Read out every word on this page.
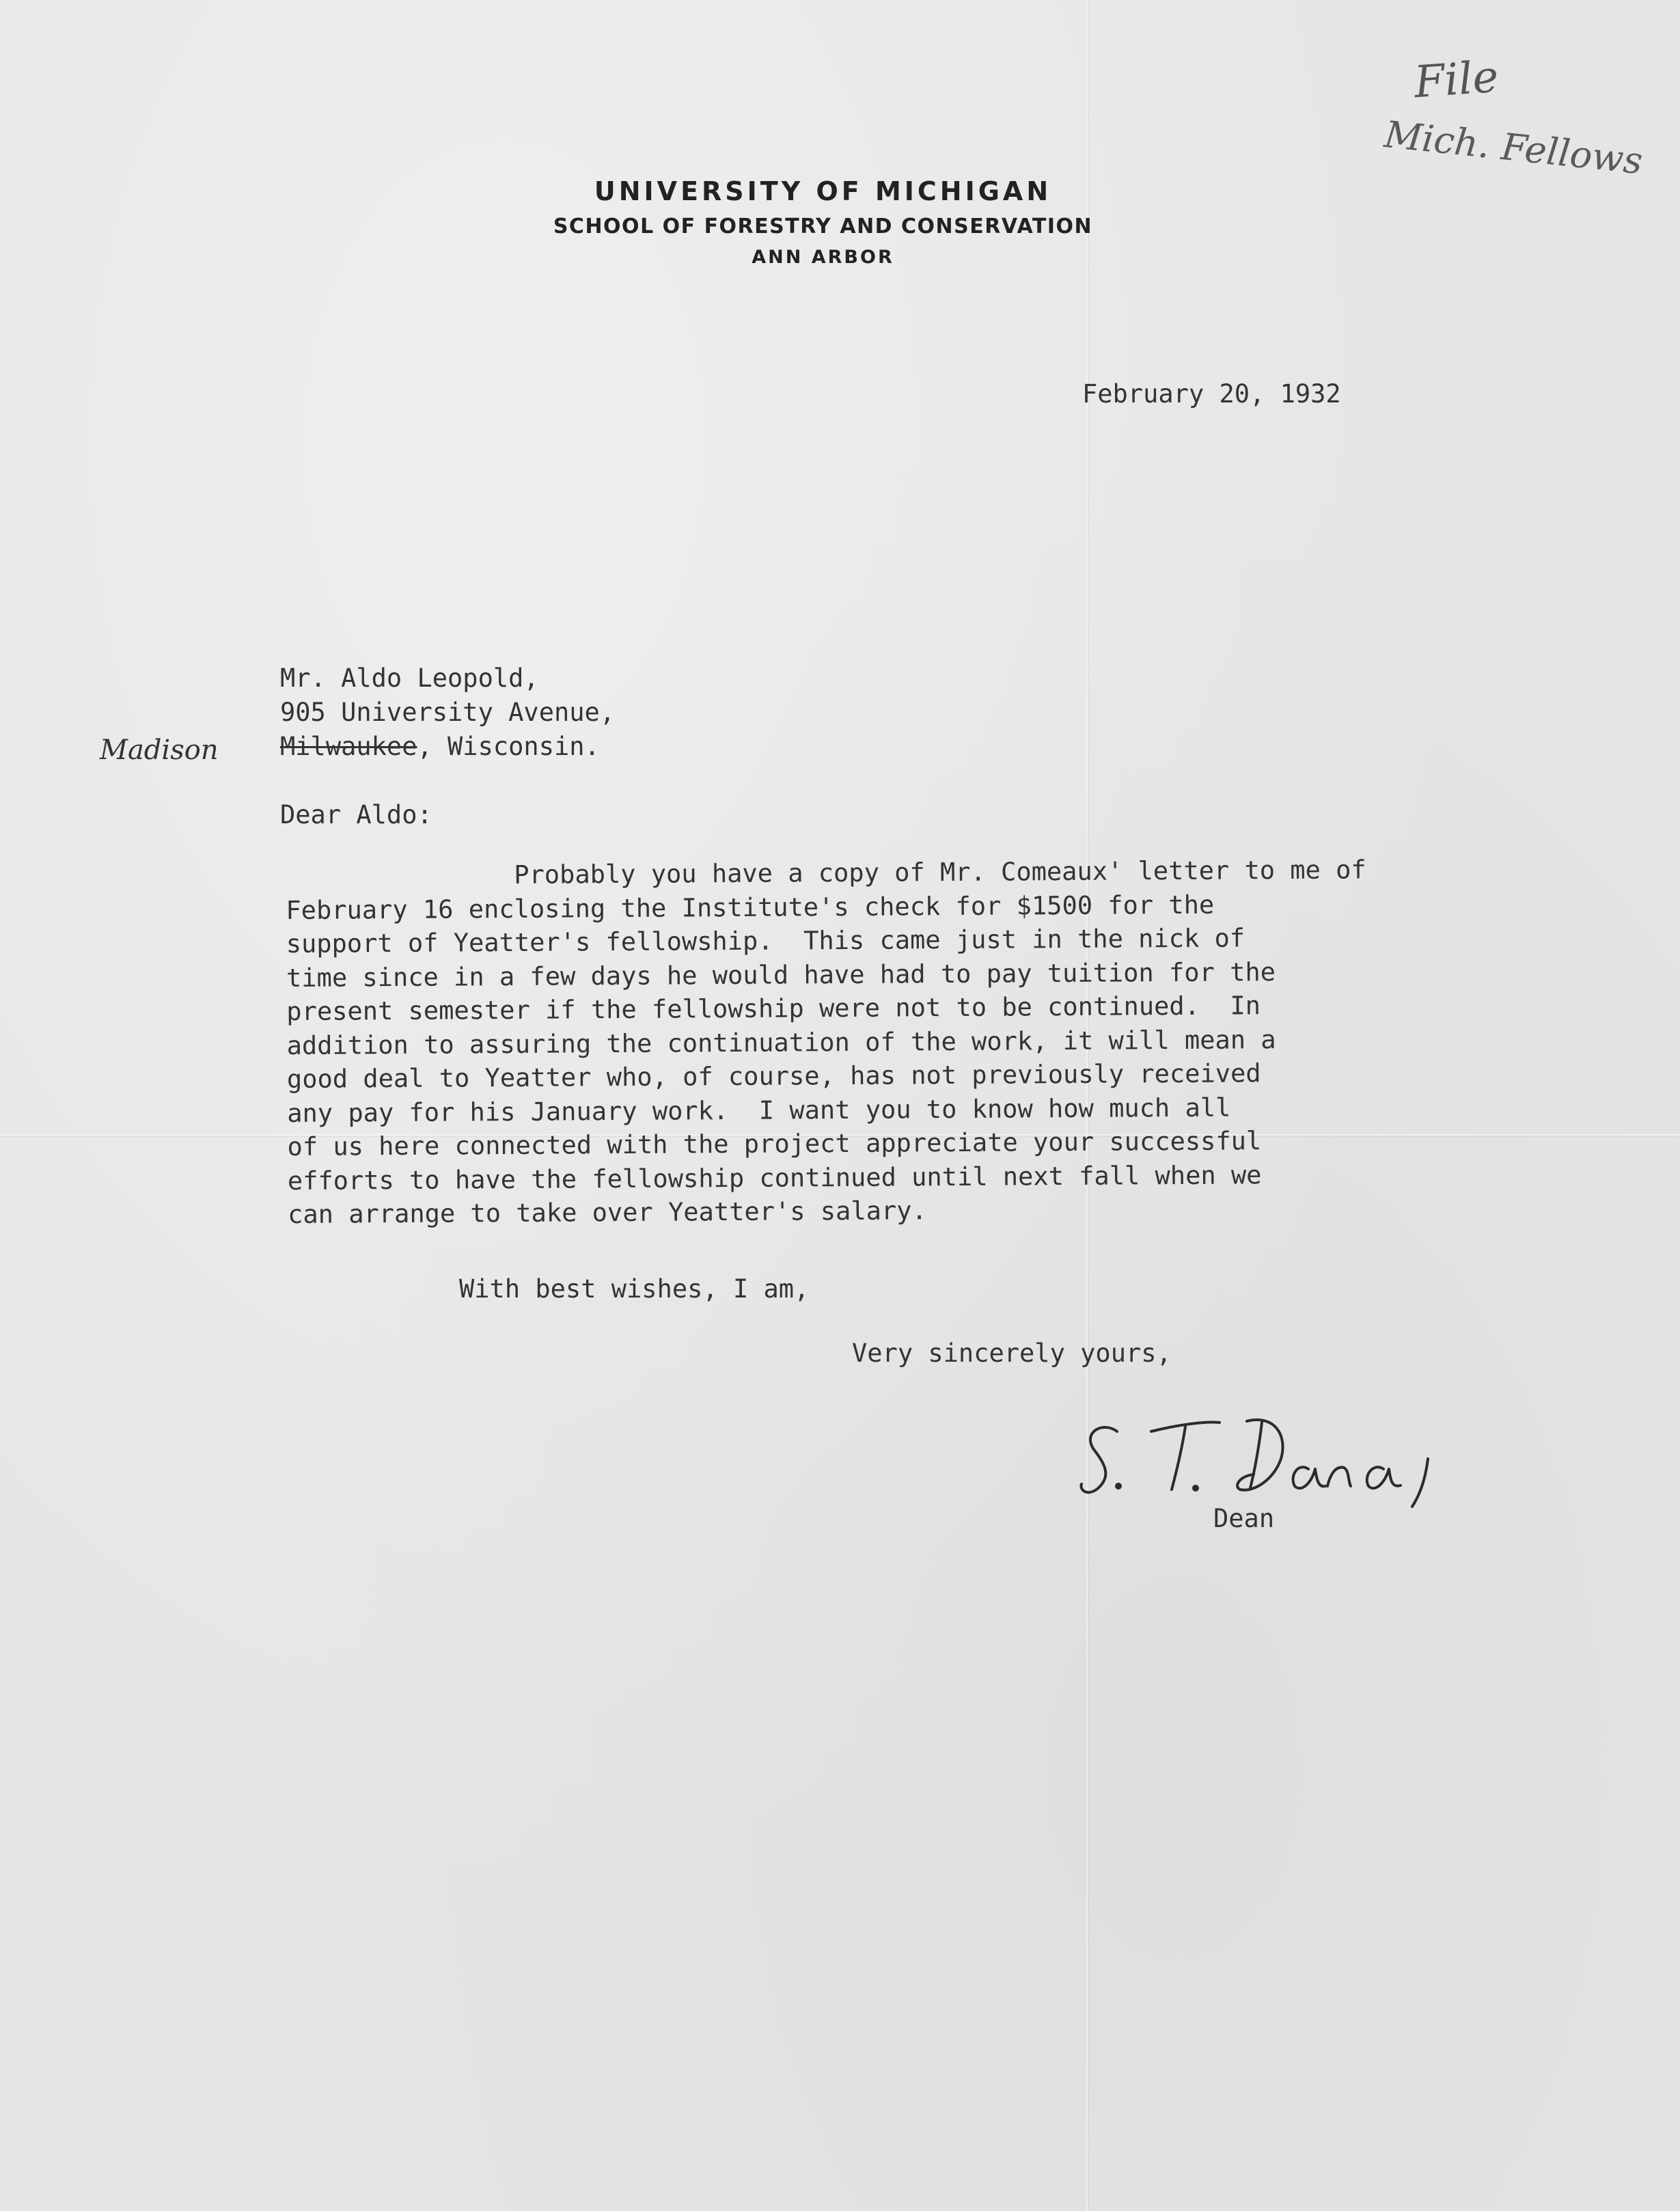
UNIVERSITY OF MICHIGAN
SCHOOL OF FORESTRY AND CONSERVATION
ANN ARBOR
File
Mich. Fellows
February 20, 1932
Mr. Aldo Leopold,
905 University Avenue,
Milwaukee, Wisconsin.
Madison
Dear Aldo:
Probably you have a copy of Mr. Comeaux' letter to me of
February 16 enclosing the Institute's check for $1500 for the
support of Yeatter's fellowship.  This came just in the nick of
time since in a few days he would have had to pay tuition for the
present semester if the fellowship were not to be continued.  In
addition to assuring the continuation of the work, it will mean a
good deal to Yeatter who, of course, has not previously received
any pay for his January work.  I want you to know how much all
of us here connected with the project appreciate your successful
efforts to have the fellowship continued until next fall when we
can arrange to take over Yeatter's salary.
With best wishes, I am,
Very sincerely yours,
Dean
